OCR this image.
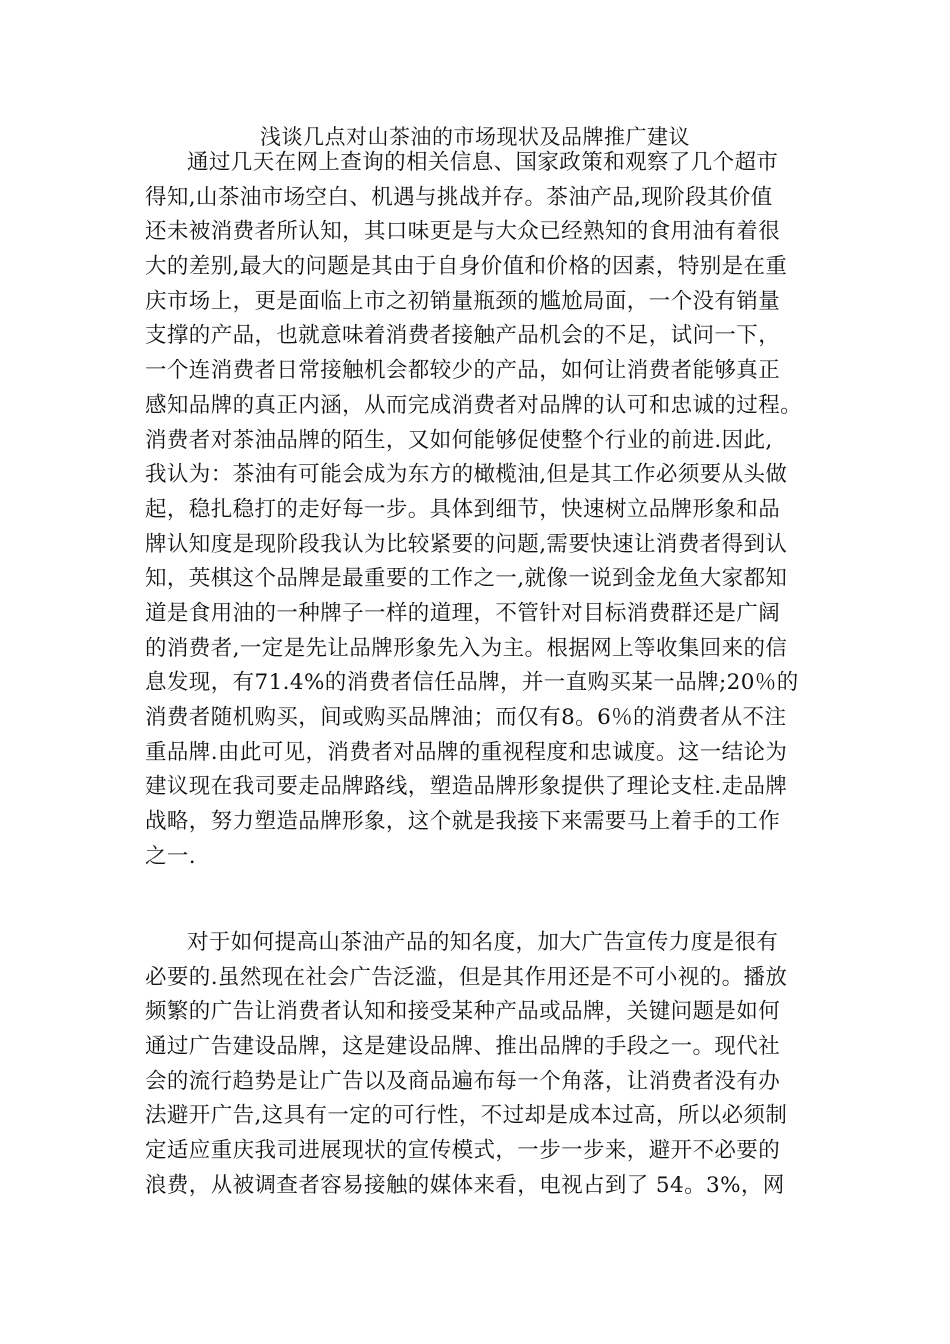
浅谈几点对山茶油的市场现状及品牌推广建议
通过几天在网上查询的相关信息、国家政策和观察了几个超市
得知,山茶油市场空白、机遇与挑战并存。茶油产品,现阶段其价值
还未被消费者所认知，其口味更是与大众已经熟知的食用油有着很
大的差别,最大的问题是其由于自身价值和价格的因素，特别是在重
庆市场上，更是面临上市之初销量瓶颈的尴尬局面，一个没有销量
支撑的产品，也就意味着消费者接触产品机会的不足，试问一下，
一个连消费者日常接触机会都较少的产品，如何让消费者能够真正
感知品牌的真正内涵，从而完成消费者对品牌的认可和忠诚的过程。
消费者对茶油品牌的陌生，又如何能够促使整个行业的前进.因此,
我认为：茶油有可能会成为东方的橄榄油,但是其工作必须要从头做
起，稳扎稳打的走好每一步。具体到细节，快速树立品牌形象和品
牌认知度是现阶段我认为比较紧要的问题,需要快速让消费者得到认
知，英棋这个品牌是最重要的工作之一,就像一说到金龙鱼大家都知
道是食用油的一种牌子一样的道理，不管针对目标消费群还是广阔
的消费者,一定是先让品牌形象先入为主。根据网上等收集回来的信
息发现，有71.4%的消费者信任品牌，并一直购买某一品牌;20％的
消费者随机购买，间或购买品牌油；而仅有8。6％的消费者从不注
重品牌.由此可见，消费者对品牌的重视程度和忠诚度。这一结论为
建议现在我司要走品牌路线，塑造品牌形象提供了理论支柱.走品牌
战略，努力塑造品牌形象，这个就是我接下来需要马上着手的工作
之一.
对于如何提高山茶油产品的知名度，加大广告宣传力度是很有
必要的.虽然现在社会广告泛滥，但是其作用还是不可小视的。播放
频繁的广告让消费者认知和接受某种产品或品牌，关键问题是如何
通过广告建设品牌，这是建设品牌、推出品牌的手段之一。现代社
会的流行趋势是让广告以及商品遍布每一个角落，让消费者没有办
法避开广告,这具有一定的可行性，不过却是成本过高，所以必须制
定适应重庆我司进展现状的宣传模式，一步一步来，避开不必要的
浪费，从被调查者容易接触的媒体来看，电视占到了 54。3%，网
